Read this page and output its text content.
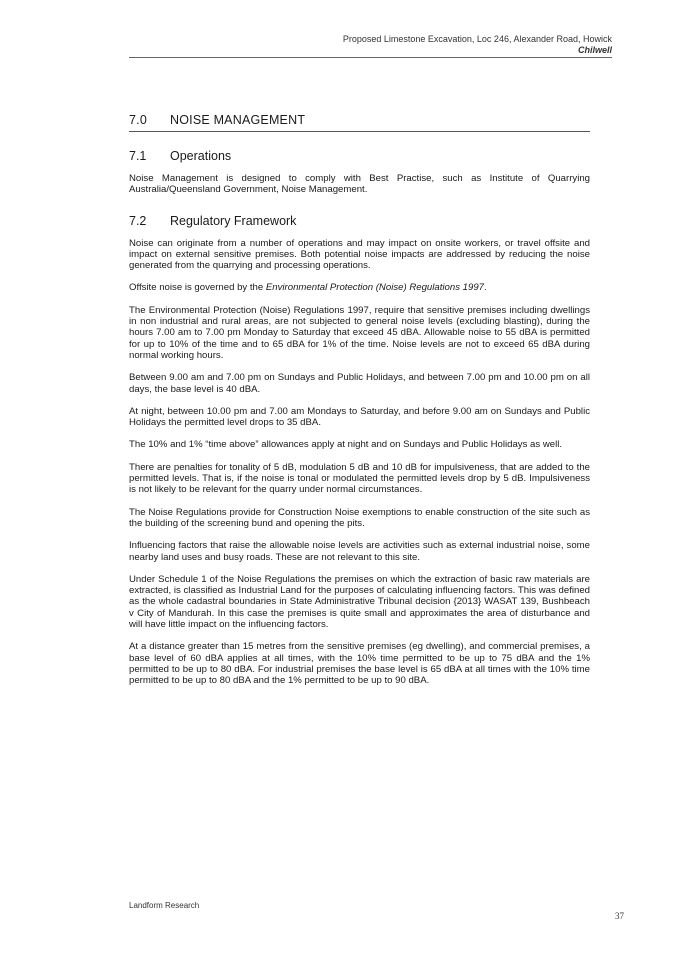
Proposed Limestone Excavation, Loc 246, Alexander Road, Howick
Chilwell
7.0 NOISE MANAGEMENT
7.1 Operations

Noise Management is designed to comply with Best Practise, such as Institute of Quarrying Australia/Queensland Government, Noise Management.

7.2 Regulatory Framework

Noise can originate from a number of operations and may impact on onsite workers, or travel offsite and impact on external sensitive premises. Both potential noise impacts are addressed by reducing the noise generated from the quarrying and processing operations.

Offsite noise is governed by the Environmental Protection (Noise) Regulations 1997.

The Environmental Protection (Noise) Regulations 1997, require that sensitive premises including dwellings in non industrial and rural areas, are not subjected to general noise levels (excluding blasting), during the hours 7.00 am to 7.00 pm Monday to Saturday that exceed 45 dBA. Allowable noise to 55 dBA is permitted for up to 10% of the time and to 65 dBA for 1% of the time. Noise levels are not to exceed 65 dBA during normal working hours.

Between 9.00 am and 7.00 pm on Sundays and Public Holidays, and between 7.00 pm and 10.00 pm on all days, the base level is 40 dBA.

At night, between 10.00 pm and 7.00 am Mondays to Saturday, and before 9.00 am on Sundays and Public Holidays the permitted level drops to 35 dBA.

The 10% and 1% “time above” allowances apply at night and on Sundays and Public Holidays as well.

There are penalties for tonality of 5 dB, modulation 5 dB and 10 dB for impulsiveness, that are added to the permitted levels. That is, if the noise is tonal or modulated the permitted levels drop by 5 dB. Impulsiveness is not likely to be relevant for the quarry under normal circumstances.

The Noise Regulations provide for Construction Noise exemptions to enable construction of the site such as the building of the screening bund and opening the pits.

Influencing factors that raise the allowable noise levels are activities such as external industrial noise, some nearby land uses and busy roads. These are not relevant to this site.

Under Schedule 1 of the Noise Regulations the premises on which the extraction of basic raw materials are extracted, is classified as Industrial Land for the purposes of calculating influencing factors. This was defined as the whole cadastral boundaries in State Administrative Tribunal decision {2013} WASAT 139, Bushbeach v City of Mandurah. In this case the premises is quite small and approximates the area of disturbance and will have little impact on the influencing factors.

At a distance greater than 15 metres from the sensitive premises (eg dwelling), and commercial premises, a base level of 60 dBA applies at all times, with the 10% time permitted to be up to 75 dBA and the 1% permitted to be up to 80 dBA. For industrial premises the base level is 65 dBA at all times with the 10% time permitted to be up to 80 dBA and the 1% permitted to be up to 90 dBA.

Landform Research
37
